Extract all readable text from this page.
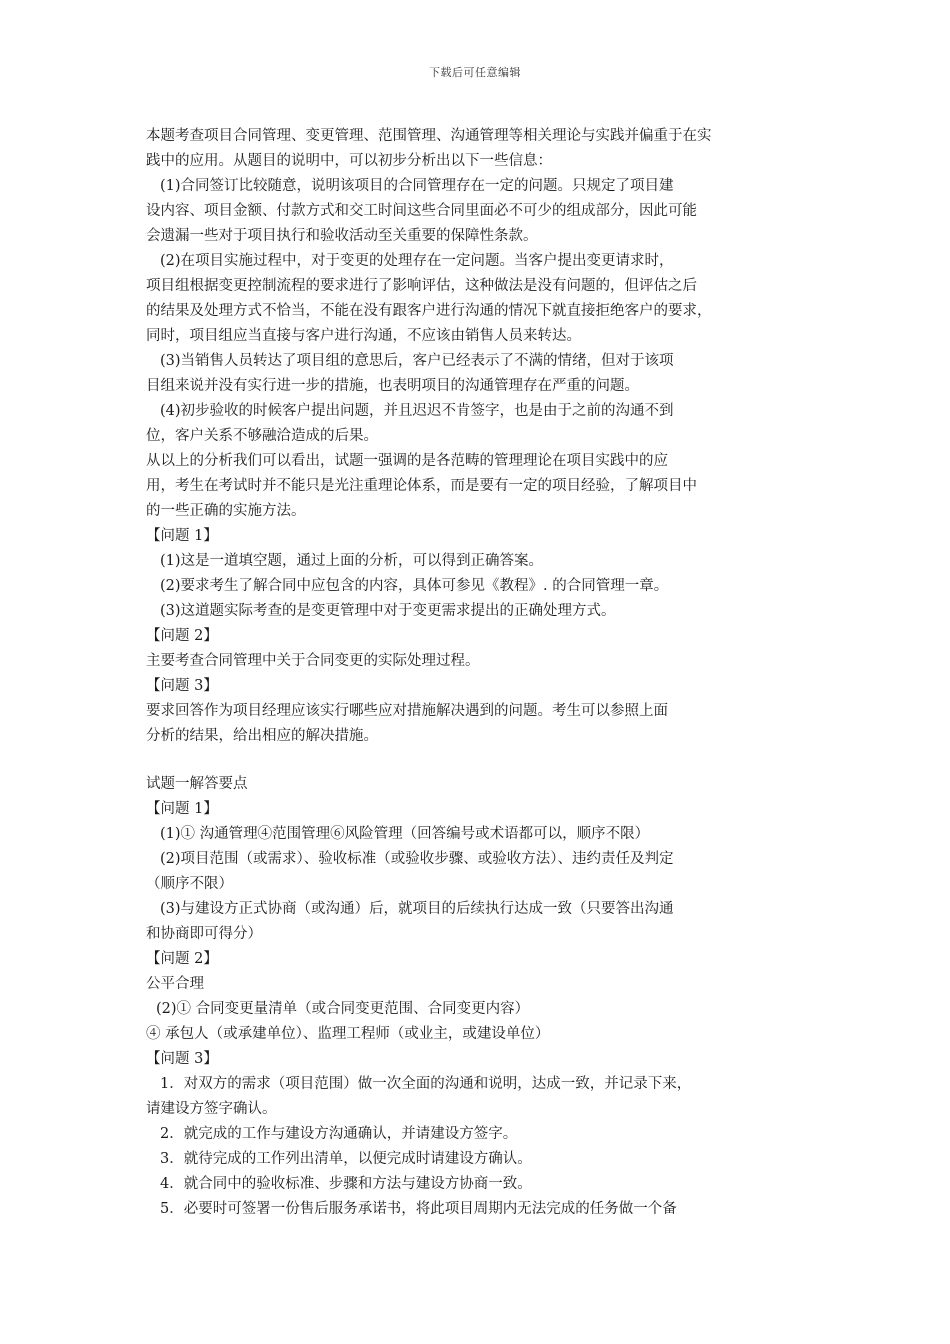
下载后可任意编辑
本题考查项目合同管理、变更管理、范围管理、沟通管理等相关理论与实践并偏重于在实
践中的应用。从题目的说明中，可以初步分析出以下一些信息：
(1)合同签订比较随意，说明该项目的合同管理存在一定的问题。只规定了项目建
设内容、项目金额、付款方式和交工时间这些合同里面必不可少的组成部分，因此可能
会遗漏一些对于项目执行和验收活动至关重要的保障性条款。
(2)在项目实施过程中，对于变更的处理存在一定问题。当客户提出变更请求时，
项目组根据变更控制流程的要求进行了影响评估，这种做法是没有问题的，但评估之后
的结果及处理方式不恰当，不能在没有跟客户进行沟通的情况下就直接拒绝客户的要求，
同时，项目组应当直接与客户进行沟通，不应该由销售人员来转达。
(3)当销售人员转达了项目组的意思后，客户已经表示了不满的情绪，但对于该项
目组来说并没有实行进一步的措施，也表明项目的沟通管理存在严重的问题。
(4)初步验收的时候客户提出问题，并且迟迟不肯签字，也是由于之前的沟通不到
位，客户关系不够融洽造成的后果。
从以上的分析我们可以看出，试题一强调的是各范畴的管理理论在项目实践中的应
用，考生在考试时并不能只是光注重理论体系，而是要有一定的项目经验，了解项目中
的一些正确的实施方法。
【问题 1】
(1)这是一道填空题，通过上面的分析，可以得到正确答案。
(2)要求考生了解合同中应包含的内容，具体可参见《教程》. 的合同管理一章。
(3)这道题实际考查的是变更管理中对于变更需求提出的正确处理方式。
【问题 2】
主要考查合同管理中关于合同变更的实际处理过程。
【问题 3】
要求回答作为项目经理应该实行哪些应对措施解决遇到的问题。考生可以参照上面
分析的结果，给出相应的解决措施。
试题一解答要点
【问题 1】
(1)① 沟通管理④范围管理⑥风险管理（回答编号或术语都可以，顺序不限）
(2)项目范围（或需求）、验收标准（或验收步骤、或验收方法）、违约责任及判定
（顺序不限）
(3)与建设方正式协商（或沟通）后，就项目的后续执行达成一致（只要答出沟通
和协商即可得分）
【问题 2】
公平合理
(2)① 合同变更量清单（或合同变更范围、合同变更内容）
④ 承包人（或承建单位）、监理工程师（或业主，或建设单位）
【问题 3】
1．对双方的需求（项目范围）做一次全面的沟通和说明，达成一致，并记录下来，
请建设方签字确认。
2．就完成的工作与建设方沟通确认，并请建设方签字。
3．就待完成的工作列出清单，以便完成时请建设方确认。
4．就合同中的验收标准、步骤和方法与建设方协商一致。
5．必要时可签署一份售后服务承诺书，将此项目周期内无法完成的任务做一个备
